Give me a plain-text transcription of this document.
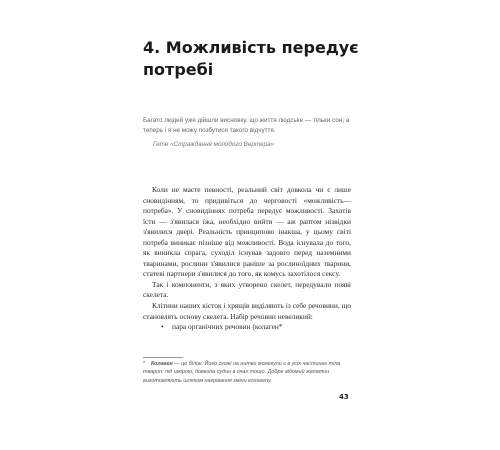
4. Можливість передує потребі

Багато людей уже дійшли висновку, що життя людське — тільки сон, а теперь і я не можу позбутися такого відчуття.

Гете «Страждання молодого Вертера»

Коли не маєте певності, реальний світ довкола чи є лише сновидінням, то придивіться до черговості «можливість—потреба». У сновидіннях потреба передує можливості. Захотів їсти — з'явилася їжа, необхідно вийти — аж раптом нізвідки з'явилися двері. Реальність принципово інакша, у цьому світі потреба виникає пізніше від можливості. Вода існувала до того, як виникла спрага, суходіл існував задовго перед наземними тваринами, рослини з'явилися раніше за рослиноїдних тварини, статеві партнери з'явилися до того, як комусь захотілося сексу.

Так і компоненти, з яких утворено скелет, передували появі скелета.

Клітини наших кісток і хрящів виділяють із себе речовини, що становлять основу скелета. Набір речовин невеликий:

• пара органічних речовин (колаген*

* Колаген — це білок. Його схожі на нитки молекули є в усіх частинах тіла тварин: під шкірою, довкола судин в очах тощо. Добре відомий желатин виготовляють шляхом нагрівання зміни колагену.

43
